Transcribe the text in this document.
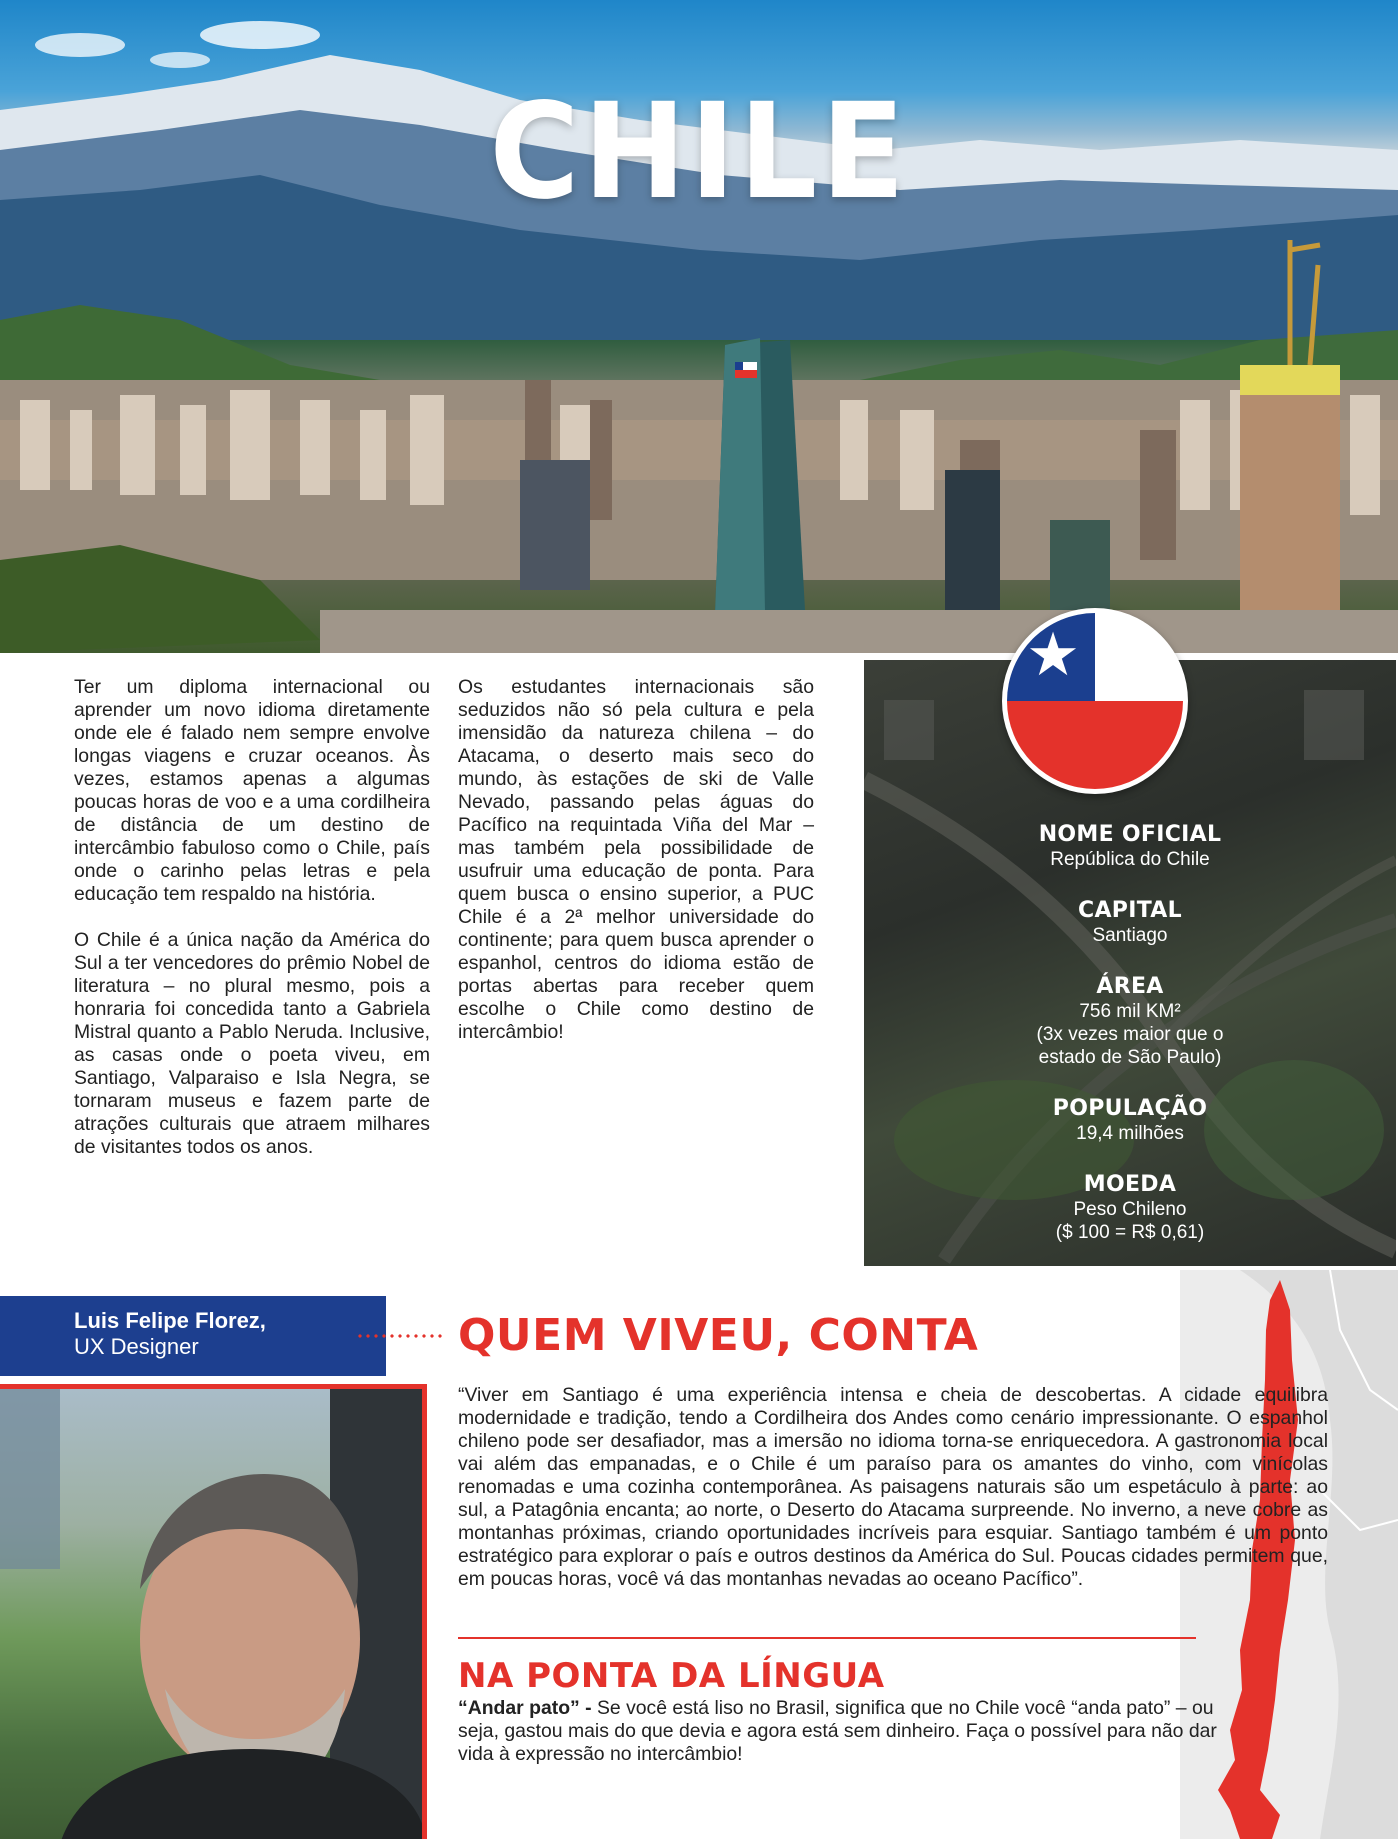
CHILE

Ter um diploma internacional ou aprender um novo idioma diretamente onde ele é falado nem sempre envolve longas viagens e cruzar oceanos. Às vezes, estamos apenas a algumas poucas horas de voo e a uma cordilheira de distância de um destino de intercâmbio fabuloso como o Chile, país onde o carinho pelas letras e pela educação tem respaldo na história.

O Chile é a única nação da América do Sul a ter vencedores do prêmio Nobel de literatura – no plural mesmo, pois a honraria foi concedida tanto a Gabriela Mistral quanto a Pablo Neruda. Inclusive, as casas onde o poeta viveu, em Santiago, Valparaiso e Isla Negra, se tornaram museus e fazem parte de atrações culturais que atraem milhares de visitantes todos os anos.

Os estudantes internacionais são seduzidos não só pela cultura e pela imensidão da natureza chilena – do Atacama, o deserto mais seco do mundo, às estações de ski de Valle Nevado, passando pelas águas do Pacífico na requintada Viña del Mar – mas também pela possibilidade de usufruir uma educação de ponta. Para quem busca o ensino superior, a PUC Chile é a 2ª melhor universidade do continente; para quem busca aprender o espanhol, centros do idioma estão de portas abertas para receber quem escolhe o Chile como destino de intercâmbio!

★
NOME OFICIAL
República do Chile
CAPITAL
Santiago
ÁREA
756 mil KM²
(3x vezes maior que o
estado de São Paulo)
POPULAÇÃO
19,4 milhões
MOEDA
Peso Chileno
($ 100 = R$ 0,61)
Luis Felipe Florez,
UX Designer	QUEM VIVEU, CONTA
“Viver em Santiago é uma experiência intensa e cheia de descobertas. A cidade equilibra modernidade e tradição, tendo a Cordilheira dos Andes como cenário impressionante. O espanhol chileno pode ser desafiador, mas a imersão no idioma torna-se enriquecedora. A gastronomia local vai além das empanadas, e o Chile é um paraíso para os amantes do vinho, com vinícolas renomadas e uma cozinha contemporânea. As paisagens naturais são um espetáculo à parte: ao sul, a Patagônia encanta; ao norte, o Deserto do Atacama surpreende. No inverno, a neve cobre as montanhas próximas, criando oportunidades incríveis para esquiar. Santiago também é um ponto estratégico para explorar o país e outros destinos da América do Sul. Poucas cidades permitem que, em poucas horas, você vá das montanhas nevadas ao oceano Pacífico”.
NA PONTA DA LÍNGUA
“Andar pato” - Se você está liso no Brasil, significa que no Chile você “anda pato” – ou seja, gastou mais do que devia e agora está sem dinheiro. Faça o possível para não dar vida à expressão no intercâmbio!
